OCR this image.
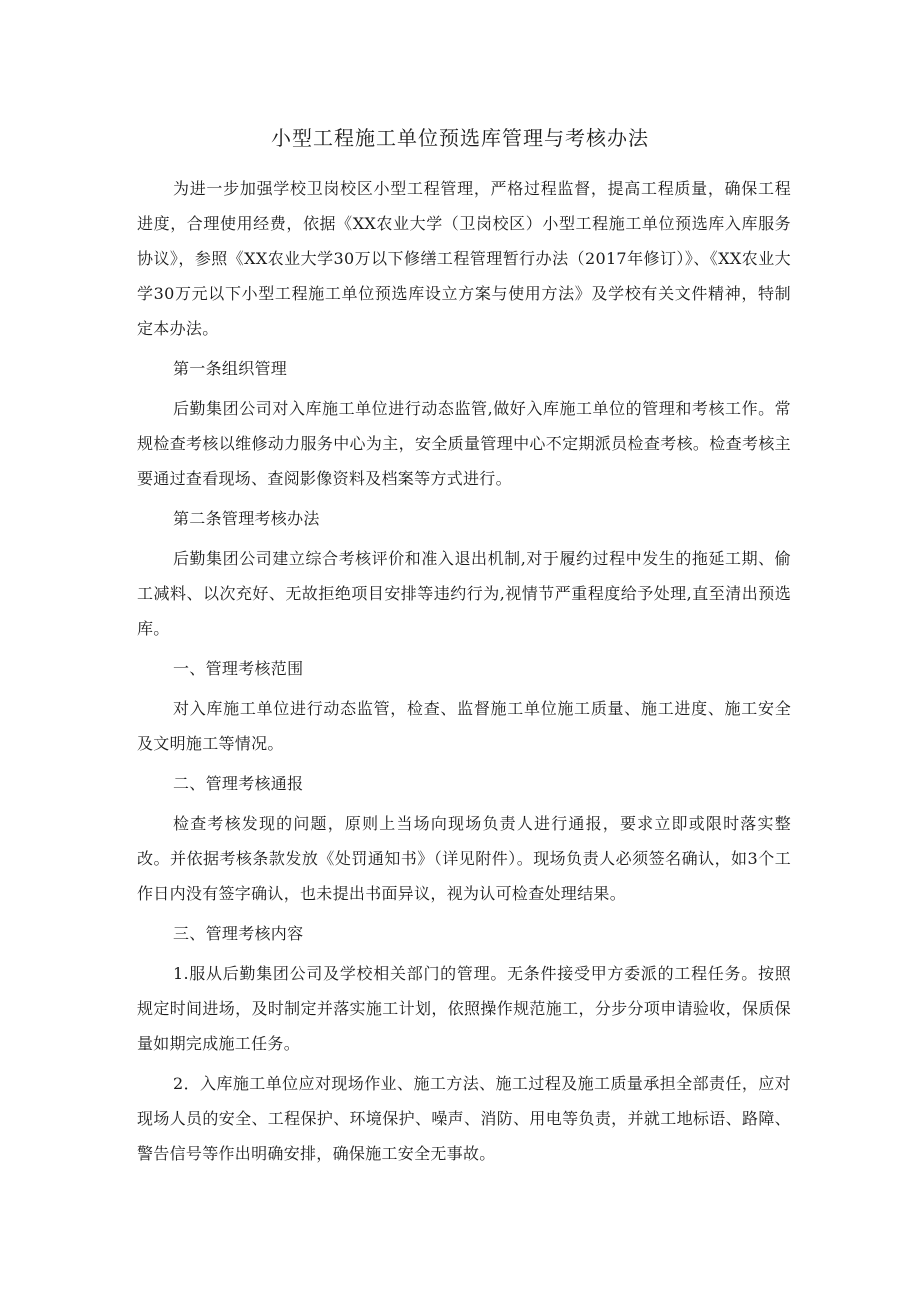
小型工程施工单位预选库管理与考核办法

为进一步加强学校卫岗校区小型工程管理，严格过程监督，提高工程质量，确保工程进度，合理使用经费，依据《XX农业大学（卫岗校区）小型工程施工单位预选库入库服务协议》，参照《XX农业大学30万以下修缮工程管理暂行办法（2017年修订）》、《XX农业大学30万元以下小型工程施工单位预选库设立方案与使用方法》及学校有关文件精神，特制定本办法。

第一条组织管理

后勤集团公司对入库施工单位进行动态监管,做好入库施工单位的管理和考核工作。常规检查考核以维修动力服务中心为主，安全质量管理中心不定期派员检查考核。检查考核主要通过查看现场、查阅影像资料及档案等方式进行。

第二条管理考核办法

后勤集团公司建立综合考核评价和准入退出机制,对于履约过程中发生的拖延工期、偷工减料、以次充好、无故拒绝项目安排等违约行为,视情节严重程度给予处理,直至清出预选库。

一、管理考核范围

对入库施工单位进行动态监管，检查、监督施工单位施工质量、施工进度、施工安全及文明施工等情况。

二、管理考核通报

检查考核发现的问题，原则上当场向现场负责人进行通报，要求立即或限时落实整改。并依据考核条款发放《处罚通知书》（详见附件）。现场负责人必须签名确认，如3个工作日内没有签字确认，也未提出书面异议，视为认可检查处理结果。

三、管理考核内容

1.服从后勤集团公司及学校相关部门的管理。无条件接受甲方委派的工程任务。按照规定时间进场，及时制定并落实施工计划，依照操作规范施工，分步分项申请验收，保质保量如期完成施工任务。

2．入库施工单位应对现场作业、施工方法、施工过程及施工质量承担全部责任，应对现场人员的安全、工程保护、环境保护、噪声、消防、用电等负责，并就工地标语、路障、警告信号等作出明确安排，确保施工安全无事故。
